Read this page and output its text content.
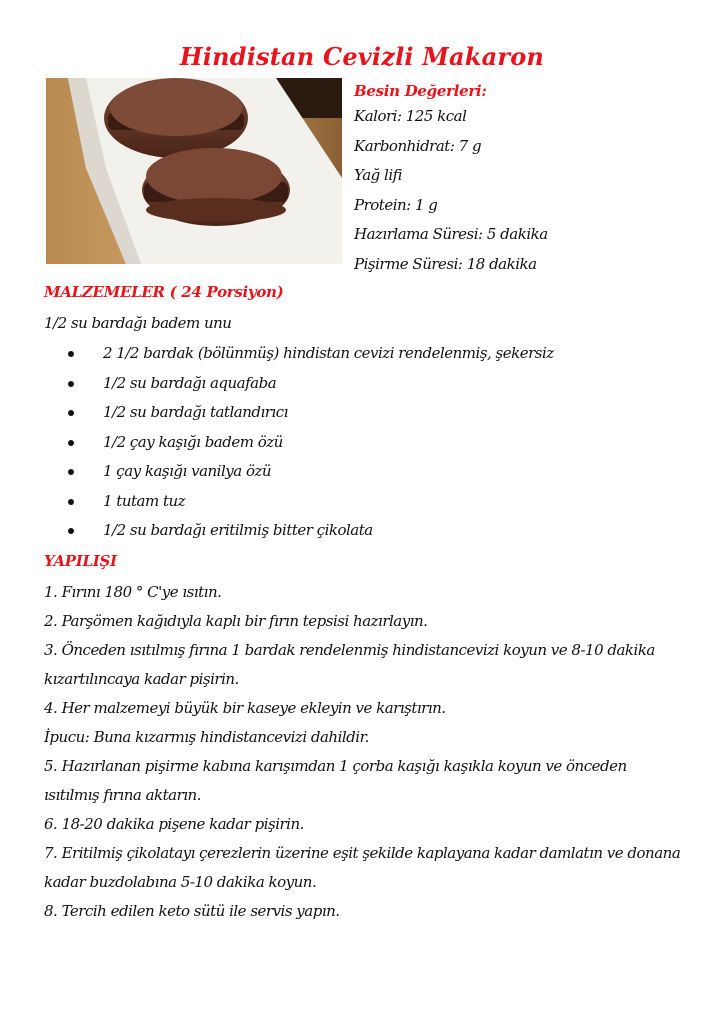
Hindistan Cevizli Makaron
Besin Değerleri:
Kalori: 125 kcal
Karbonhidrat: 7 g
Yağ lifi
Protein: 1 g
Hazırlama Süresi: 5 dakika
Pişirme Süresi: 18 dakika
MALZEMELER ( 24 Porsiyon)
1/2 su bardağı badem unu
2 1/2 bardak (bölünmüş) hindistan cevizi rendelenmiş, şekersiz
1/2 su bardağı aquafaba
1/2 su bardağı tatlandırıcı
1/2 çay kaşığı badem özü
1 çay kaşığı vanilya özü
1 tutam tuz
1/2 su bardağı eritilmiş bitter çikolata
YAPILIŞI
1. Fırını 180 ° C'ye ısıtın.
2. Parşömen kağıdıyla kaplı bir fırın tepsisi hazırlayın.
3. Önceden ısıtılmış fırına 1 bardak rendelenmiş hindistancevizi koyun ve 8-10 dakika kızartılıncaya kadar pişirin.
4. Her malzemeyi büyük bir kaseye ekleyin ve karıştırın.
İpucu: Buna kızarmış hindistancevizi dahildir.
5. Hazırlanan pişirme kabına karışımdan 1 çorba kaşığı kaşıkla koyun ve önceden ısıtılmış fırına aktarın.
6. 18-20 dakika pişene kadar pişirin.
7. Eritilmiş çikolatayı çerezlerin üzerine eşit şekilde kaplayana kadar damlatın ve donana kadar buzdolabına 5-10 dakika koyun.
8. Tercih edilen keto sütü ile servis yapın.
